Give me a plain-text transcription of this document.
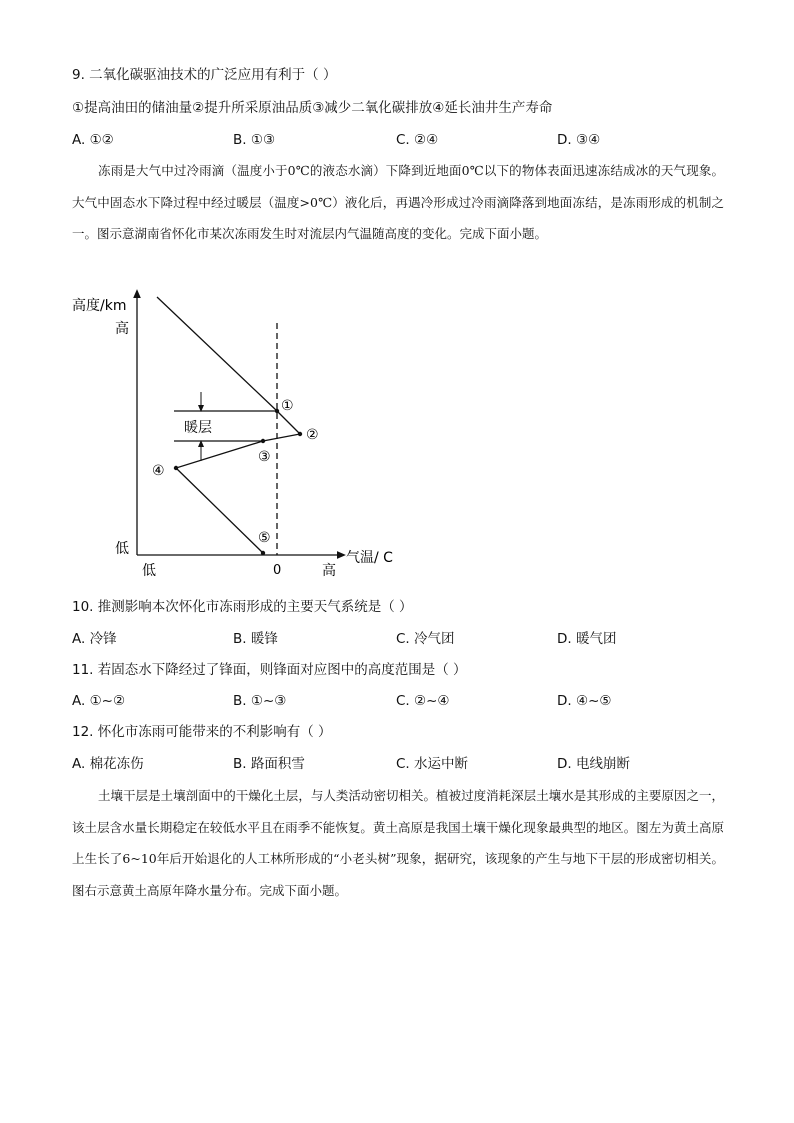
9. 二氧化碳驱油技术的广泛应用有利于（ ）
①提高油田的储油量②提升所采原油品质③减少二氧化碳排放④延长油井生产寿命
A. ①②	B. ①③	C. ②④	D. ③④

冻雨是大气中过冷雨滴（温度小于0℃的液态水滴）下降到近地面0℃以下的物体表面迅速冻结成冰的天气现象。大气中固态水下降过程中经过暖层（温度>0℃）液化后，再遇冷形成过冷雨滴降落到地面冻结，是冻雨形成的机制之一。图示意湖南省怀化市某次冻雨发生时对流层内气温随高度的变化。完成下面小题。

高度/km
高
低
低	0	高
气温/ C
暖层
①
②
③
④
⑤
10. 推测影响本次怀化市冻雨形成的主要天气系统是（ ）
A. 冷锋	B. 暖锋	C. 冷气团	D. 暖气团
11. 若固态水下降经过了锋面，则锋面对应图中的高度范围是（ ）
A. ①~②	B. ①~③	C. ②~④	D. ④~⑤
12. 怀化市冻雨可能带来的不利影响有（ ）
A. 棉花冻伤	B. 路面积雪	C. 水运中断	D. 电线崩断

土壤干层是土壤剖面中的干燥化土层，与人类活动密切相关。植被过度消耗深层土壤水是其形成的主要原因之一，该土层含水量长期稳定在较低水平且在雨季不能恢复。黄土高原是我国土壤干燥化现象最典型的地区。图左为黄土高原上生长了6~10年后开始退化的人工林所形成的“小老头树”现象，据研究，该现象的产生与地下干层的形成密切相关。图右示意黄土高原年降水量分布。完成下面小题。
